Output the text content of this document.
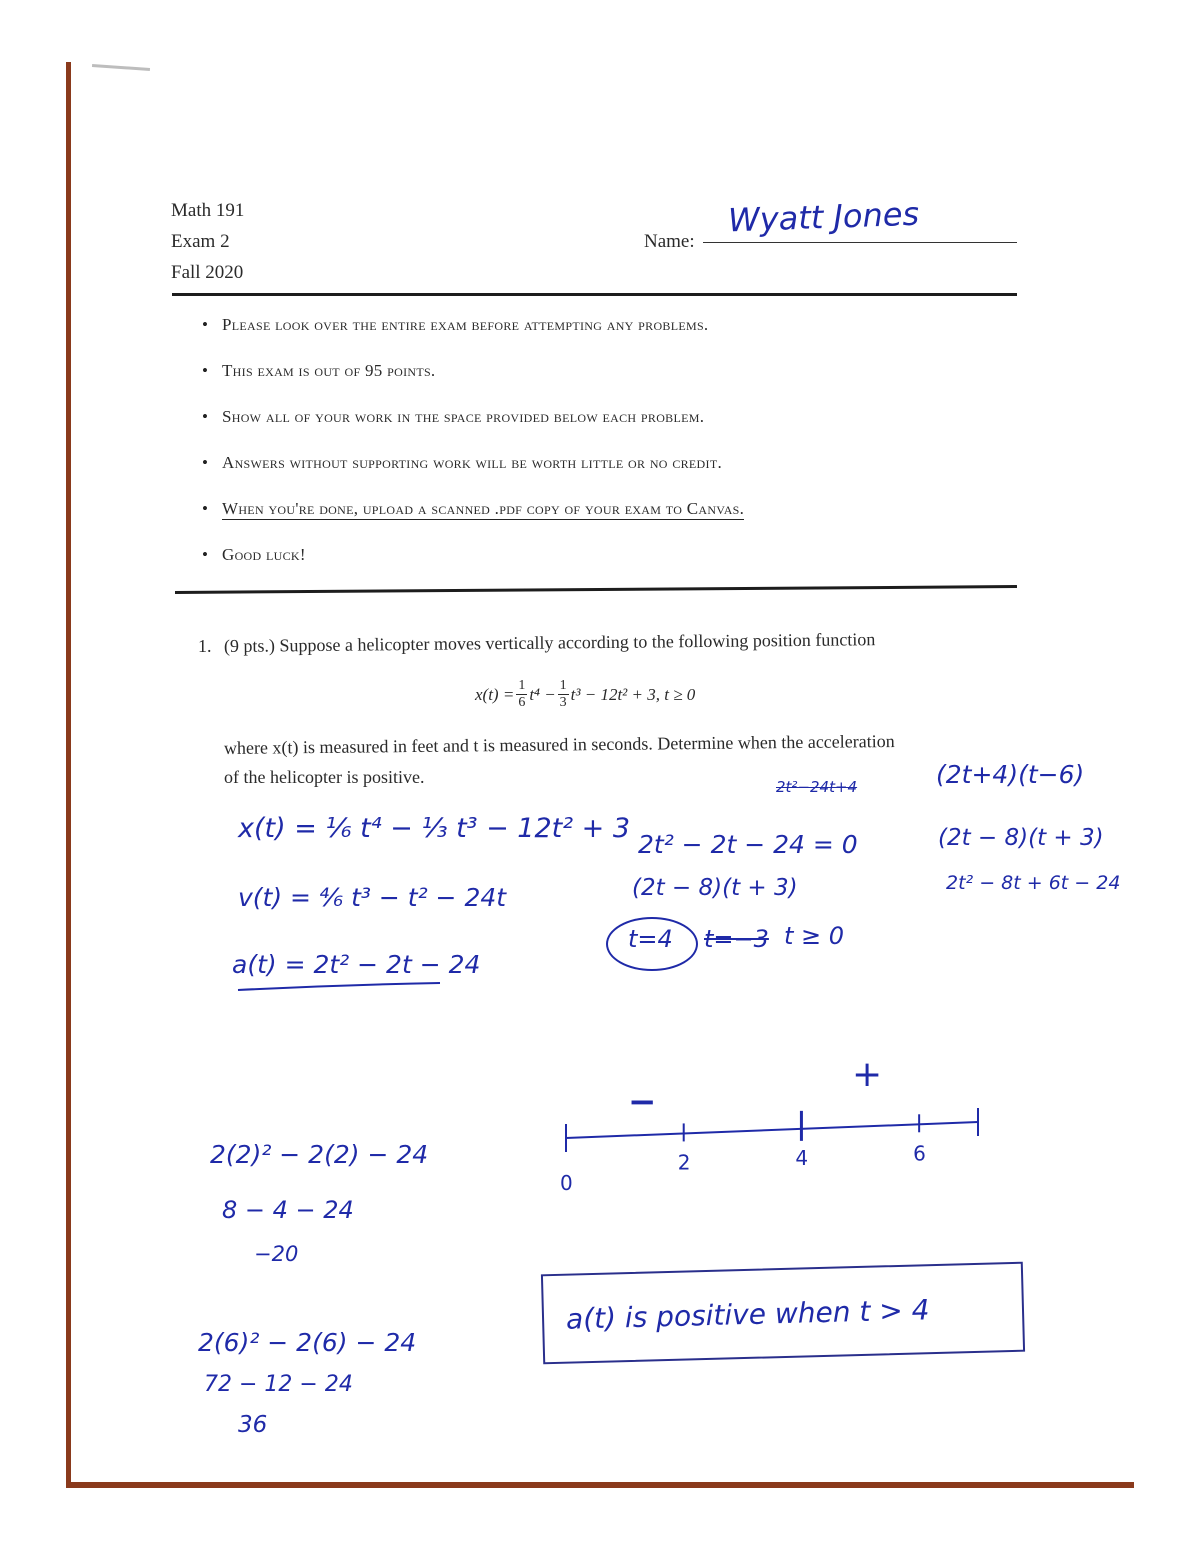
Math 191
Exam 2
Fall 2020
Name:
Wyatt Jones
• Please look over the entire exam before attempting any problems.
• This exam is out of 95 points.
• Show all of your work in the space provided below each problem.
• Answers without supporting work will be worth little or no credit.
• When you're done, upload a scanned .pdf copy of your exam to Canvas.
• Good luck!
1. (9 pts.) Suppose a helicopter moves vertically according to the following position function
$x(t) = \frac{1}{6} t^4 - \frac{1}{3} t^3 - 12t^2 + 3$, t ≥ 0
where x(t) is measured in feet and t is measured in seconds. Determine when the acceleration
of the helicopter is positive.
x(t) = ¹⁄₆ t⁴ − ¹⁄₃ t³ − 12t² + 3
v(t) = ⁴⁄₆ t³ − t² − 24t
a(t) = 2t² − 2t − 24
2t² − 2t − 24 = 0
(2t − 8)(t + 3)
t=4 t=−3 t ≥ 0
2t²−24t+4	(2t+4)(t−6)
(2t − 8)(t + 3)
2t² − 8t + 6t − 24
2(2)² − 2(2) − 24
8 − 4 − 24
−20
2(6)² − 2(6) − 24
72 − 12 − 24
36
0
2	4	6
−
+
a(t) is positive when t > 4
